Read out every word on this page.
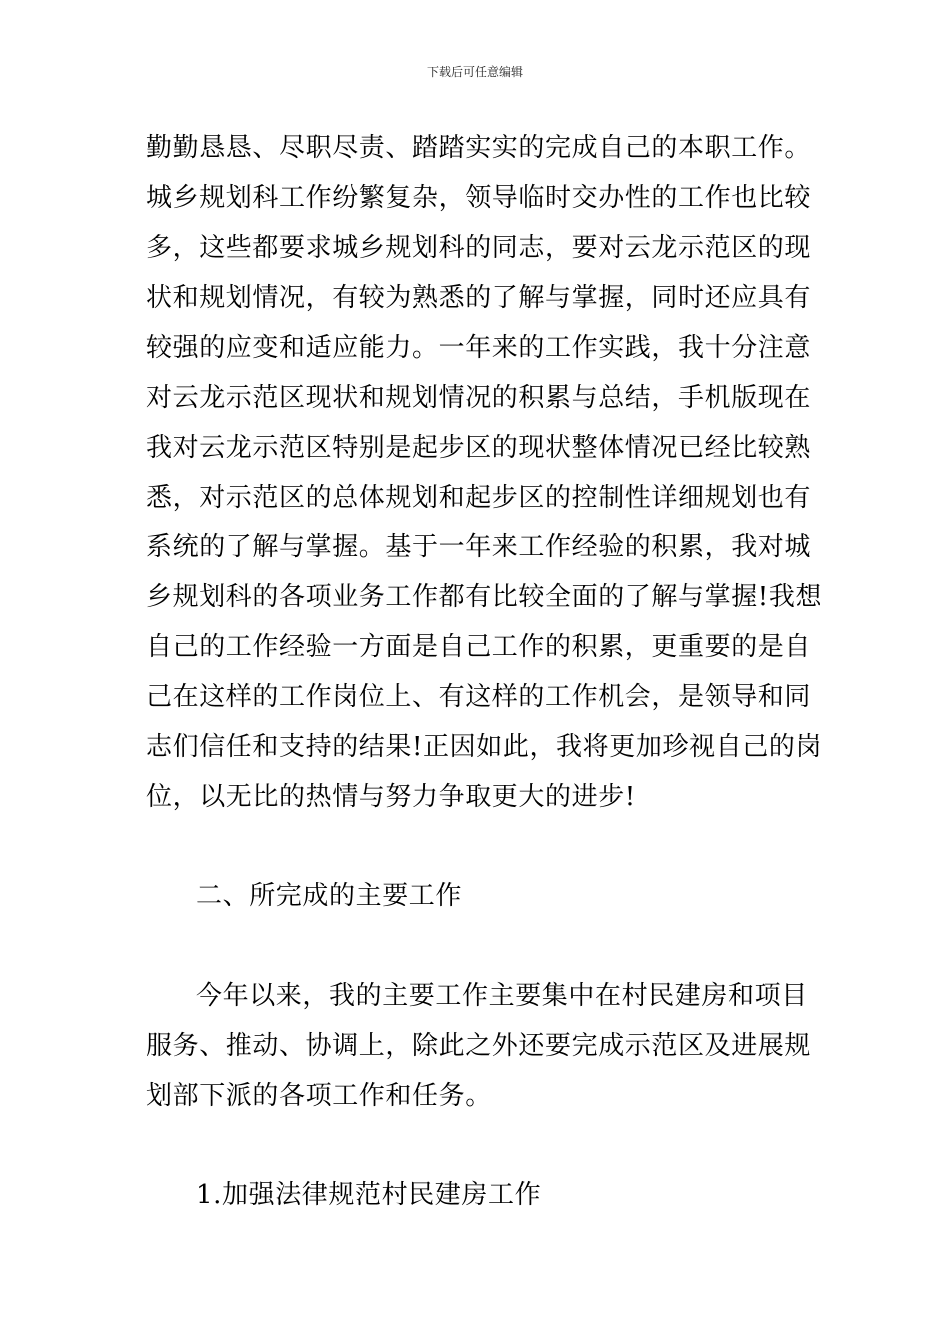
下载后可任意编辑
勤勤恳恳、尽职尽责、踏踏实实的完成自己的本职工作。
城乡规划科工作纷繁复杂，领导临时交办性的工作也比较
多，这些都要求城乡规划科的同志，要对云龙示范区的现
状和规划情况，有较为熟悉的了解与掌握，同时还应具有
较强的应变和适应能力。一年来的工作实践，我十分注意
对云龙示范区现状和规划情况的积累与总结，手机版现在
我对云龙示范区特别是起步区的现状整体情况已经比较熟
悉，对示范区的总体规划和起步区的控制性详细规划也有
系统的了解与掌握。基于一年来工作经验的积累，我对城
乡规划科的各项业务工作都有比较全面的了解与掌握!我想
自己的工作经验一方面是自己工作的积累，更重要的是自
己在这样的工作岗位上、有这样的工作机会，是领导和同
志们信任和支持的结果!正因如此，我将更加珍视自己的岗
位，以无比的热情与努力争取更大的进步!
二、所完成的主要工作
今年以来，我的主要工作主要集中在村民建房和项目
服务、推动、协调上，除此之外还要完成示范区及进展规
划部下派的各项工作和任务。
1.加强法律规范村民建房工作
